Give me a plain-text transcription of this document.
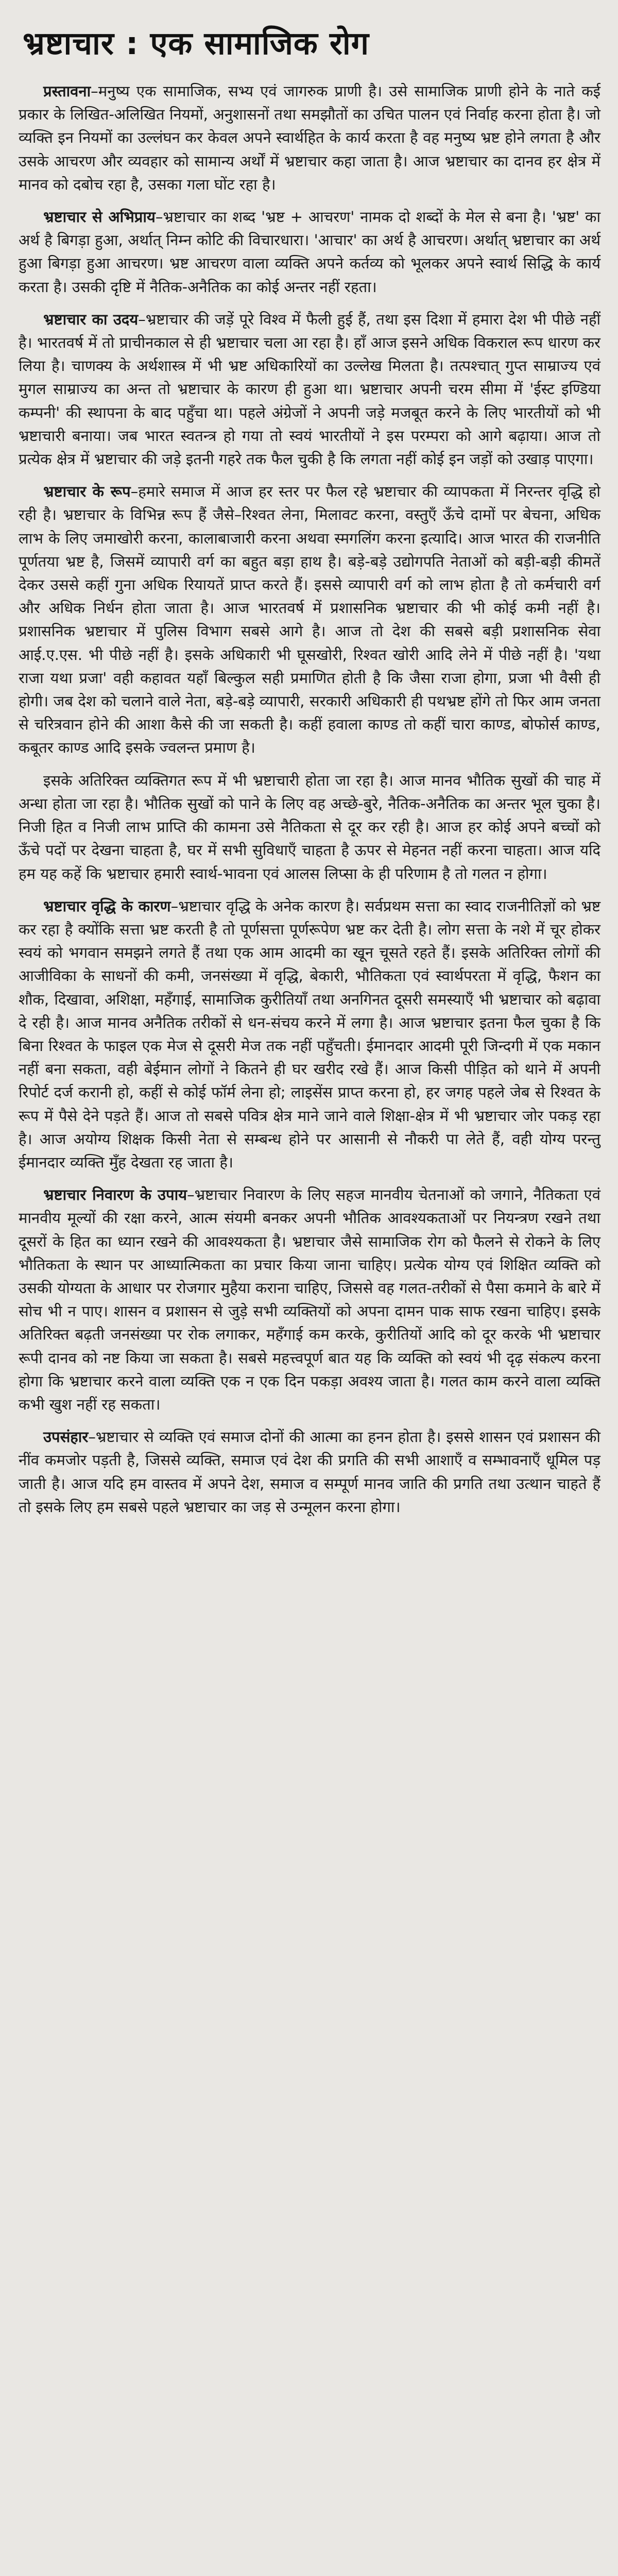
भ्रष्टाचार : एक सामाजिक रोग

प्रस्तावना–मनुष्य एक सामाजिक, सभ्य एवं जागरुक प्राणी है। उसे सामाजिक प्राणी होने के नाते कई प्रकार के लिखित-अलिखित नियमों, अनुशासनों तथा समझौतों का उचित पालन एवं निर्वाह करना होता है। जो व्यक्ति इन नियमों का उल्लंघन कर केवल अपने स्वार्थहित के कार्य करता है वह मनुष्य भ्रष्ट होने लगता है और उसके आचरण और व्यवहार को सामान्य अर्थों में भ्रष्टाचार कहा जाता है। आज भ्रष्टाचार का दानव हर क्षेत्र में मानव को दबोच रहा है, उसका गला घोंट रहा है।

भ्रष्टाचार से अभिप्राय–भ्रष्टाचार का शब्द 'भ्रष्ट + आचरण' नामक दो शब्दों के मेल से बना है। 'भ्रष्ट' का अर्थ है बिगड़ा हुआ, अर्थात् निम्न कोटि की विचारधारा। 'आचार' का अर्थ है आचरण। अर्थात् भ्रष्टाचार का अर्थ हुआ बिगड़ा हुआ आचरण। भ्रष्ट आचरण वाला व्यक्ति अपने कर्तव्य को भूलकर अपने स्वार्थ सिद्धि के कार्य करता है। उसकी दृष्टि में नैतिक-अनैतिक का कोई अन्तर नहीं रहता।

भ्रष्टाचार का उदय–भ्रष्टाचार की जड़ें पूरे विश्व में फैली हुई हैं, तथा इस दिशा में हमारा देश भी पीछे नहीं है। भारतवर्ष में तो प्राचीनकाल से ही भ्रष्टाचार चला आ रहा है। हाँ आज इसने अधिक विकराल रूप धारण कर लिया है। चाणक्य के अर्थशास्त्र में भी भ्रष्ट अधिकारियों का उल्लेख मिलता है। तत्पश्चात् गुप्त साम्राज्य एवं मुगल साम्राज्य का अन्त तो भ्रष्टाचार के कारण ही हुआ था। भ्रष्टाचार अपनी चरम सीमा में 'ईस्ट इण्डिया कम्पनी' की स्थापना के बाद पहुँचा था। पहले अंग्रेजों ने अपनी जड़े मजबूत करने के लिए भारतीयों को भी भ्रष्टाचारी बनाया। जब भारत स्वतन्त्र हो गया तो स्वयं भारतीयों ने इस परम्परा को आगे बढ़ाया। आज तो प्रत्येक क्षेत्र में भ्रष्टाचार की जड़े इतनी गहरे तक फैल चुकी है कि लगता नहीं कोई इन जड़ों को उखाड़ पाएगा।

भ्रष्टाचार के रूप–हमारे समाज में आज हर स्तर पर फैल रहे भ्रष्टाचार की व्यापकता में निरन्तर वृद्धि हो रही है। भ्रष्टाचार के विभिन्न रूप हैं जैसे–रिश्वत लेना, मिलावट करना, वस्तुएँ ऊँचे दामों पर बेचना, अधिक लाभ के लिए जमाखोरी करना, कालाबाजारी करना अथवा स्मगलिंग करना इत्यादि। आज भारत की राजनीति पूर्णतया भ्रष्ट है, जिसमें व्यापारी वर्ग का बहुत बड़ा हाथ है। बड़े-बड़े उद्योगपति नेताओं को बड़ी-बड़ी कीमतें देकर उससे कहीं गुना अधिक रियायतें प्राप्त करते हैं। इससे व्यापारी वर्ग को लाभ होता है तो कर्मचारी वर्ग और अधिक निर्धन होता जाता है। आज भारतवर्ष में प्रशासनिक भ्रष्टाचार की भी कोई कमी नहीं है। प्रशासनिक भ्रष्टाचार में पुलिस विभाग सबसे आगे है। आज तो देश की सबसे बड़ी प्रशासनिक सेवा आई.ए.एस. भी पीछे नहीं है। इसके अधिकारी भी घूसखोरी, रिश्वत खोरी आदि लेने में पीछे नहीं है। 'यथा राजा यथा प्रजा' वही कहावत यहाँ बिल्कुल सही प्रमाणित होती है कि जैसा राजा होगा, प्रजा भी वैसी ही होगी। जब देश को चलाने वाले नेता, बड़े-बड़े व्यापारी, सरकारी अधिकारी ही पथभ्रष्ट होंगे तो फिर आम जनता से चरित्रवान होने की आशा कैसे की जा सकती है। कहीं हवाला काण्ड तो कहीं चारा काण्ड, बोफोर्स काण्ड, कबूतर काण्ड आदि इसके ज्वलन्त प्रमाण है।

इसके अतिरिक्त व्यक्तिगत रूप में भी भ्रष्टाचारी होता जा रहा है। आज मानव भौतिक सुखों की चाह में अन्धा होता जा रहा है। भौतिक सुखों को पाने के लिए वह अच्छे-बुरे, नैतिक-अनैतिक का अन्तर भूल चुका है। निजी हित व निजी लाभ प्राप्ति की कामना उसे नैतिकता से दूर कर रही है। आज हर कोई अपने बच्चों को ऊँचे पदों पर देखना चाहता है, घर में सभी सुविधाएँ चाहता है ऊपर से मेहनत नहीं करना चाहता। आज यदि हम यह कहें कि भ्रष्टाचार हमारी स्वार्थ-भावना एवं आलस लिप्सा के ही परिणाम है तो गलत न होगा।

भ्रष्टाचार वृद्धि के कारण–भ्रष्टाचार वृद्धि के अनेक कारण है। सर्वप्रथम सत्ता का स्वाद राजनीतिज्ञों को भ्रष्ट कर रहा है क्योंकि सत्ता भ्रष्ट करती है तो पूर्णसत्ता पूर्णरूपेण भ्रष्ट कर देती है। लोग सत्ता के नशे में चूर होकर स्वयं को भगवान समझने लगते हैं तथा एक आम आदमी का खून चूसते रहते हैं। इसके अतिरिक्त लोगों की आजीविका के साधनों की कमी, जनसंख्या में वृद्धि, बेकारी, भौतिकता एवं स्वार्थपरता में वृद्धि, फैशन का शौक, दिखावा, अशिक्षा, महँगाई, सामाजिक कुरीतियाँ तथा अनगिनत दूसरी समस्याएँ भी भ्रष्टाचार को बढ़ावा दे रही है। आज मानव अनैतिक तरीकों से धन-संचय करने में लगा है। आज भ्रष्टाचार इतना फैल चुका है कि बिना रिश्वत के फाइल एक मेज से दूसरी मेज तक नहीं पहुँचती। ईमानदार आदमी पूरी जिन्दगी में एक मकान नहीं बना सकता, वही बेईमान लोगों ने कितने ही घर खरीद रखे हैं। आज किसी पीड़ित को थाने में अपनी रिपोर्ट दर्ज करानी हो, कहीं से कोई फॉर्म लेना हो; लाइसेंस प्राप्त करना हो, हर जगह पहले जेब से रिश्वत के रूप में पैसे देने पड़ते हैं। आज तो सबसे पवित्र क्षेत्र माने जाने वाले शिक्षा-क्षेत्र में भी भ्रष्टाचार जोर पकड़ रहा है। आज अयोग्य शिक्षक किसी नेता से सम्बन्ध होने पर आसानी से नौकरी पा लेते हैं, वही योग्य परन्तु ईमानदार व्यक्ति मुँह देखता रह जाता है।

भ्रष्टाचार निवारण के उपाय–भ्रष्टाचार निवारण के लिए सहज मानवीय चेतनाओं को जगाने, नैतिकता एवं मानवीय मूल्यों की रक्षा करने, आत्म संयमी बनकर अपनी भौतिक आवश्यकताओं पर नियन्त्रण रखने तथा दूसरों के हित का ध्यान रखने की आवश्यकता है। भ्रष्टाचार जैसे सामाजिक रोग को फैलने से रोकने के लिए भौतिकता के स्थान पर आध्यात्मिकता का प्रचार किया जाना चाहिए। प्रत्येक योग्य एवं शिक्षित व्यक्ति को उसकी योग्यता के आधार पर रोजगार मुहैया कराना चाहिए, जिससे वह गलत-तरीकों से पैसा कमाने के बारे में सोच भी न पाए। शासन व प्रशासन से जुड़े सभी व्यक्तियों को अपना दामन पाक साफ रखना चाहिए। इसके अतिरिक्त बढ़ती जनसंख्या पर रोक लगाकर, महँगाई कम करके, कुरीतियों आदि को दूर करके भी भ्रष्टाचार रूपी दानव को नष्ट किया जा सकता है। सबसे महत्त्वपूर्ण बात यह कि व्यक्ति को स्वयं भी दृढ़ संकल्प करना होगा कि भ्रष्टाचार करने वाला व्यक्ति एक न एक दिन पकड़ा अवश्य जाता है। गलत काम करने वाला व्यक्ति कभी खुश नहीं रह सकता।

उपसंहार–भ्रष्टाचार से व्यक्ति एवं समाज दोनों की आत्मा का हनन होता है। इससे शासन एवं प्रशासन की नींव कमजोर पड़ती है, जिससे व्यक्ति, समाज एवं देश की प्रगति की सभी आशाएँ व सम्भावनाएँ धूमिल पड़ जाती है। आज यदि हम वास्तव में अपने देश, समाज व सम्पूर्ण मानव जाति की प्रगति तथा उत्थान चाहते हैं तो इसके लिए हम सबसे पहले भ्रष्टाचार का जड़ से उन्मूलन करना होगा।
